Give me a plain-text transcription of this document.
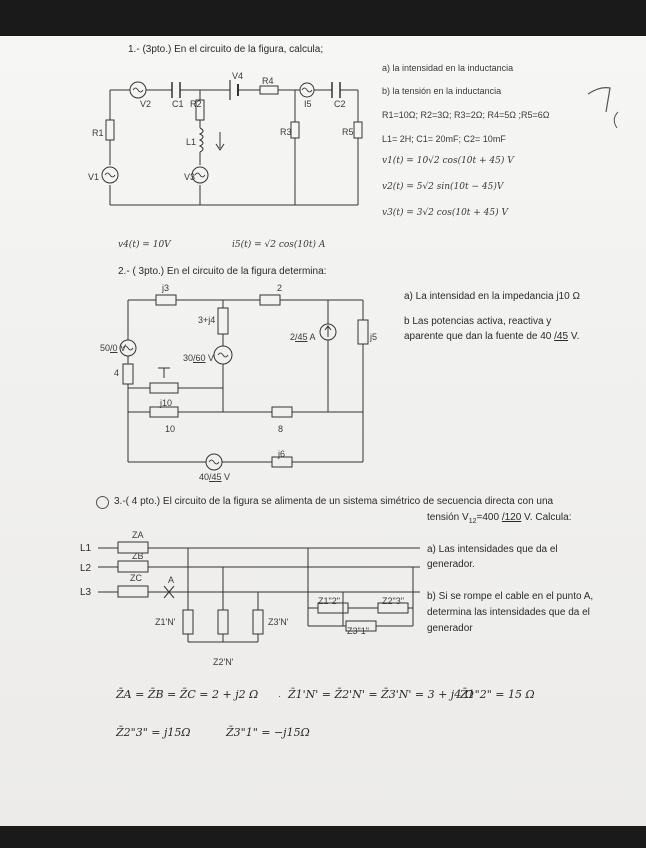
1.- (3pto.) En el circuito de la figura, calcula;
V4 R4
V2 C1 R2	I5 C2
R1
L1
R3	R5
V1	V3
a) la intensidad en la inductancia
b) la tensión en la inductancia
R1=10Ω; R2=3Ω; R3=2Ω; R4=5Ω ;R5=6Ω
L1= 2H; C1= 20mF; C2= 10mF
v1(t) = 10√2 cos(10t + 45) V
v2(t) = 5√2 sin(10t − 45)V
v3(t) = 3√2 cos(10t + 45) V
v4(t) = 10V	i5(t) = √2 cos(10t) A
2.- ( 3pto.) En el circuito de la figura determina:
j3	2
3+j4
50/0 V
2/45 A	j5
30/60 V
4
j10
10	8
j6
40/45 V
a) La intensidad en la impedancia j10 Ω
b Las potencias activa, reactiva y
aparente que dan la fuente de 40 /45 V.
3.-( 4 pto.) El circuito de la figura se alimenta de un sistema simétrico de secuencia directa con una
tensión $V_{12}=400$ /120 V. Calcula:
L1
L2
L3
ZA
ZB
ZC	A
Z1'N'	Z3'N'
Z2'N'
Z1"2"	Z2"3"
Z3"1"
a) Las intensidades que da el
generador.
b) Si se rompe el cable en el punto A,
determina las intensidades que da el
generador
Z̄A = Z̄B = Z̄C = 2 + j2 Ω · Z̄1'N' = Z̄2'N' = Z̄3'N' = 3 + j4 Ω
Z̄1"2" = 15 Ω
Z̄2"3" = j15Ω	Z̄3"1" = −j15Ω
